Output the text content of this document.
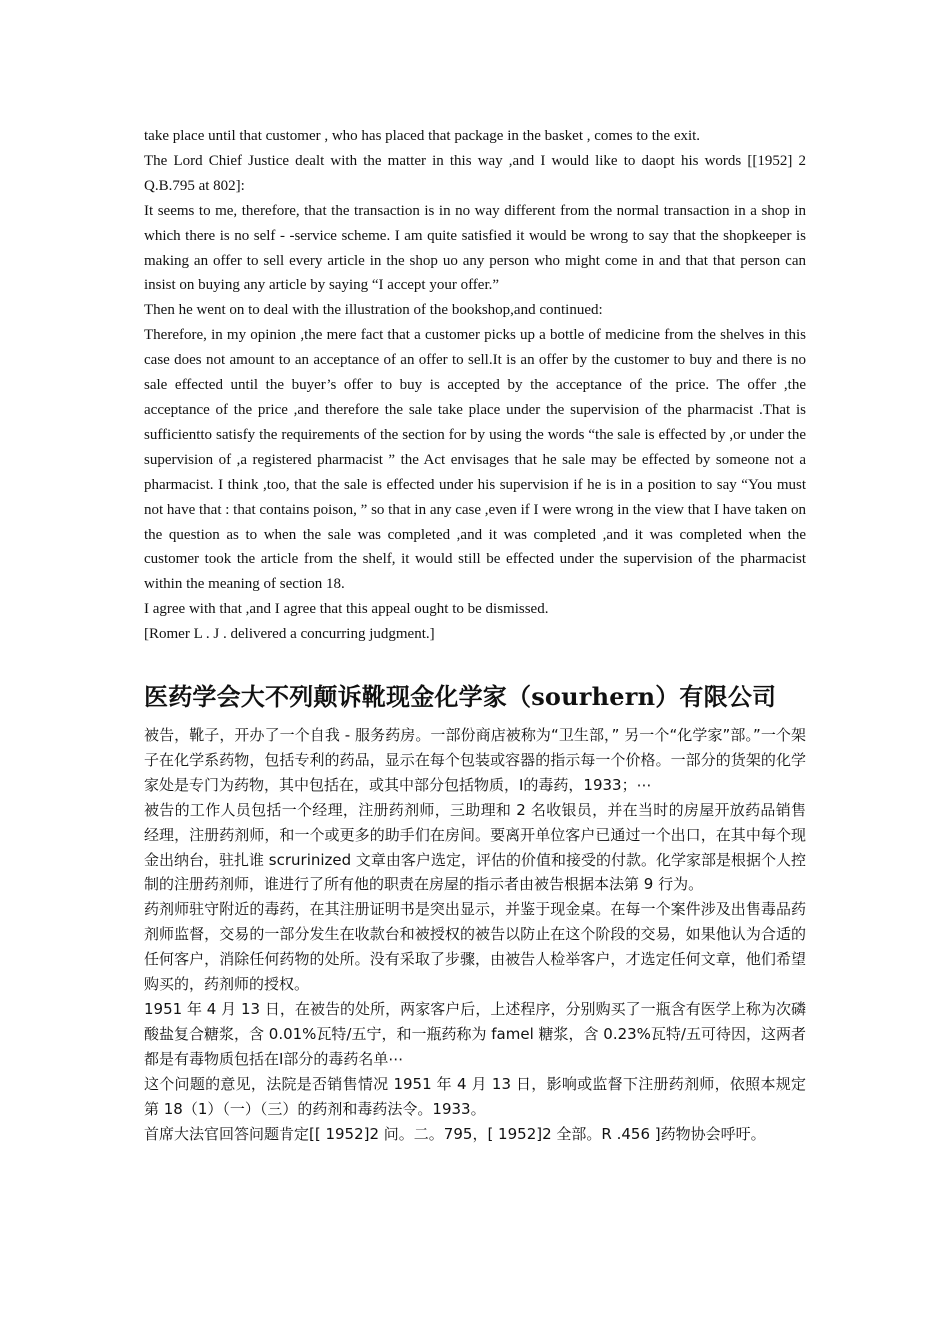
take place until that customer , who has placed that package in the basket , comes to the exit.

The Lord Chief Justice dealt with the matter in this way ,and I would like to daopt his words [[1952] 2 Q.B.795 at 802]:

It seems to me, therefore, that the transaction is in no way different from the normal transaction in a shop in which there is no self - -service scheme. I am quite satisfied it would be wrong to say that the shopkeeper is making an offer to sell every article in the shop uo any person who might come in and that that person can insist on buying any article by saying “I accept your offer.”

Then he went on to deal with the illustration of the bookshop,and continued:

Therefore, in my opinion ,the mere fact that a customer picks up a bottle of medicine from the shelves in this case does not amount to an acceptance of an offer to sell.It is an offer by the customer to buy and there is no sale effected until the buyer’s offer to buy is accepted by the acceptance of the price. The offer ,the acceptance of the price ,and therefore the sale take place under the supervision of the pharmacist .That is sufficientto satisfy the requirements of the section for by using the words “the sale is effected by ,or under the supervision of ,a registered pharmacist ” the Act envisages that he sale may be effected by someone not a pharmacist. I think ,too, that the sale is effected under his supervision if he is in a position to say “You must not have that : that contains poison, ” so that in any case ,even if I were wrong in the view that I have taken on the question as to when the sale was completed ,and it was completed ,and it was completed when the customer took the article from the shelf, it would still be effected under the supervision of the pharmacist within the meaning of section 18.

I agree with that ,and I agree that this appeal ought to be dismissed.

[Romer L . J . delivered a concurring judgment.]

医药学会大不列颠诉靴现金化学家（sourhern）有限公司

被告，靴子，开办了一个自我 - 服务药房。一部份商店被称为“卫生部，” 另一个“化学家”部。”一个架子在化学系药物，包括专利的药品，显示在每个包装或容器的指示每一个价格。一部分的货架的化学家处是专门为药物，其中包括在，或其中部分包括物质，Ⅰ的毒药，1933；⋯

被告的工作人员包括一个经理，注册药剂师，三助理和 2 名收银员，并在当时的房屋开放药品销售经理，注册药剂师，和一个或更多的助手们在房间。要离开单位客户已通过一个出口，在其中每个现金出纳台，驻扎谁 scrurinized 文章由客户选定，评估的价值和接受的付款。化学家部是根据个人控制的注册药剂师，谁进行了所有他的职责在房屋的指示者由被告根据本法第 9 行为。

药剂师驻守附近的毒药，在其注册证明书是突出显示，并鉴于现金桌。在每一个案件涉及出售毒品药剂师监督，交易的一部分发生在收款台和被授权的被告以防止在这个阶段的交易，如果他认为合适的任何客户，消除任何药物的处所。没有采取了步骤，由被告人检举客户，才选定任何文章，他们希望购买的，药剂师的授权。

1951 年 4 月 13 日，在被告的处所，两家客户后，上述程序，分别购买了一瓶含有医学上称为次磷酸盐复合糖浆，含 0.01%瓦特/五宁，和一瓶药称为 famel 糖浆，含 0.23%瓦特/五可待因，这两者都是有毒物质包括在Ⅰ部分的毒药名单⋯

这个问题的意见，法院是否销售情况 1951 年 4 月 13 日，影响或监督下注册药剂师，依照本规定第 18（1）（一）（三）的药剂和毒药法令。1933。

首席大法官回答问题肯定[[ 1952]2 问。二。795，[ 1952]2 全部。R .456 ]药物协会呼吁。
